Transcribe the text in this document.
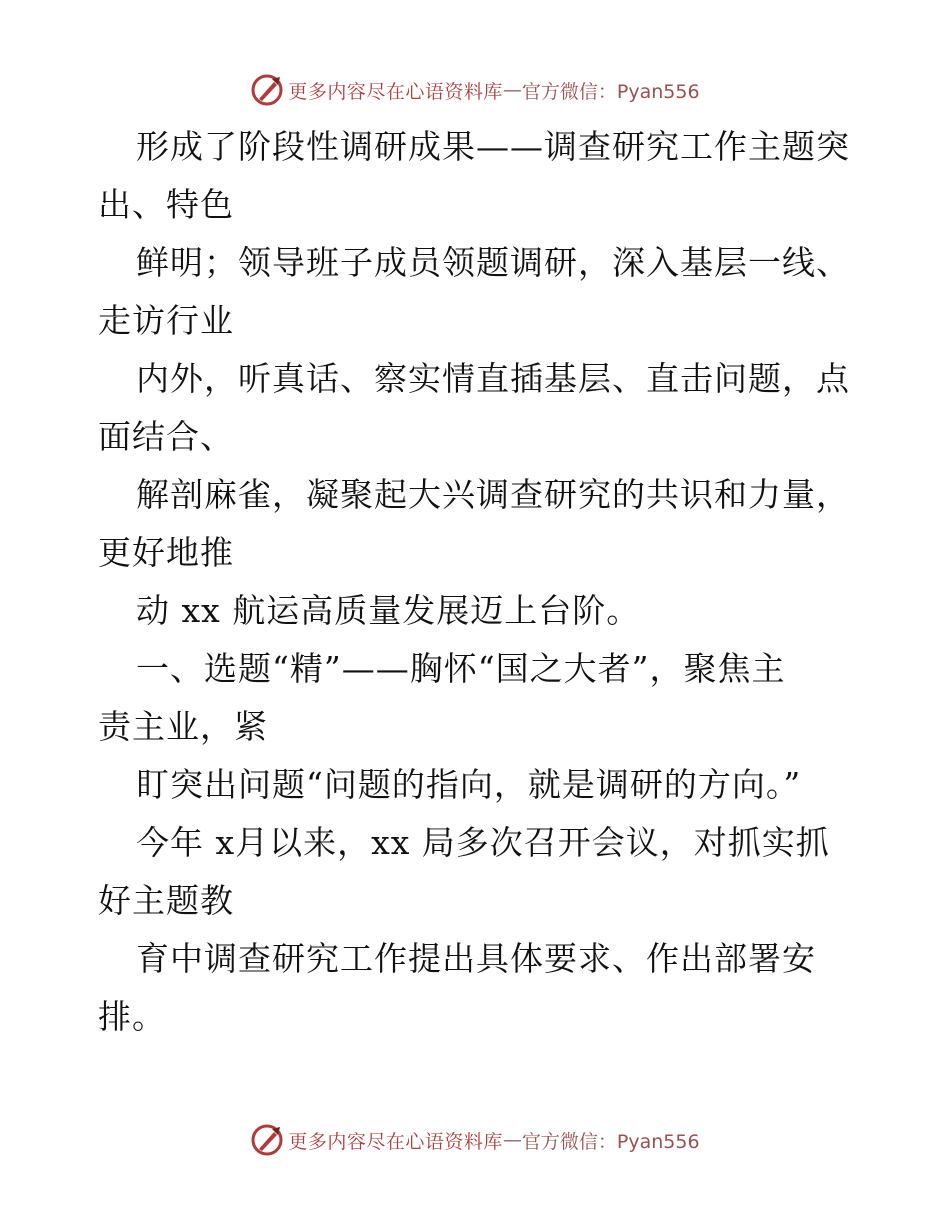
更多内容尽在心语资料库 — 官方微信：Pyan556
形成了阶段性调研成果——调查研究工作主题突
出、特色
鲜明；领导班子成员领题调研，深入基层一线、
走访行业
内外，听真话、察实情直插基层、直击问题，点
面结合、
解剖麻雀，凝聚起大兴调查研究的共识和力量，
更好地推
动 xx 航运高质量发展迈上台阶。
一、选题“精”——胸怀“国之大者”，聚焦主
责主业，紧
盯突出问题“问题的指向，就是调研的方向。”
今年 x月以来，xx 局多次召开会议，对抓实抓
好主题教
育中调查研究工作提出具体要求、作出部署安
排。
更多内容尽在心语资料库 — 官方微信：Pyan556
